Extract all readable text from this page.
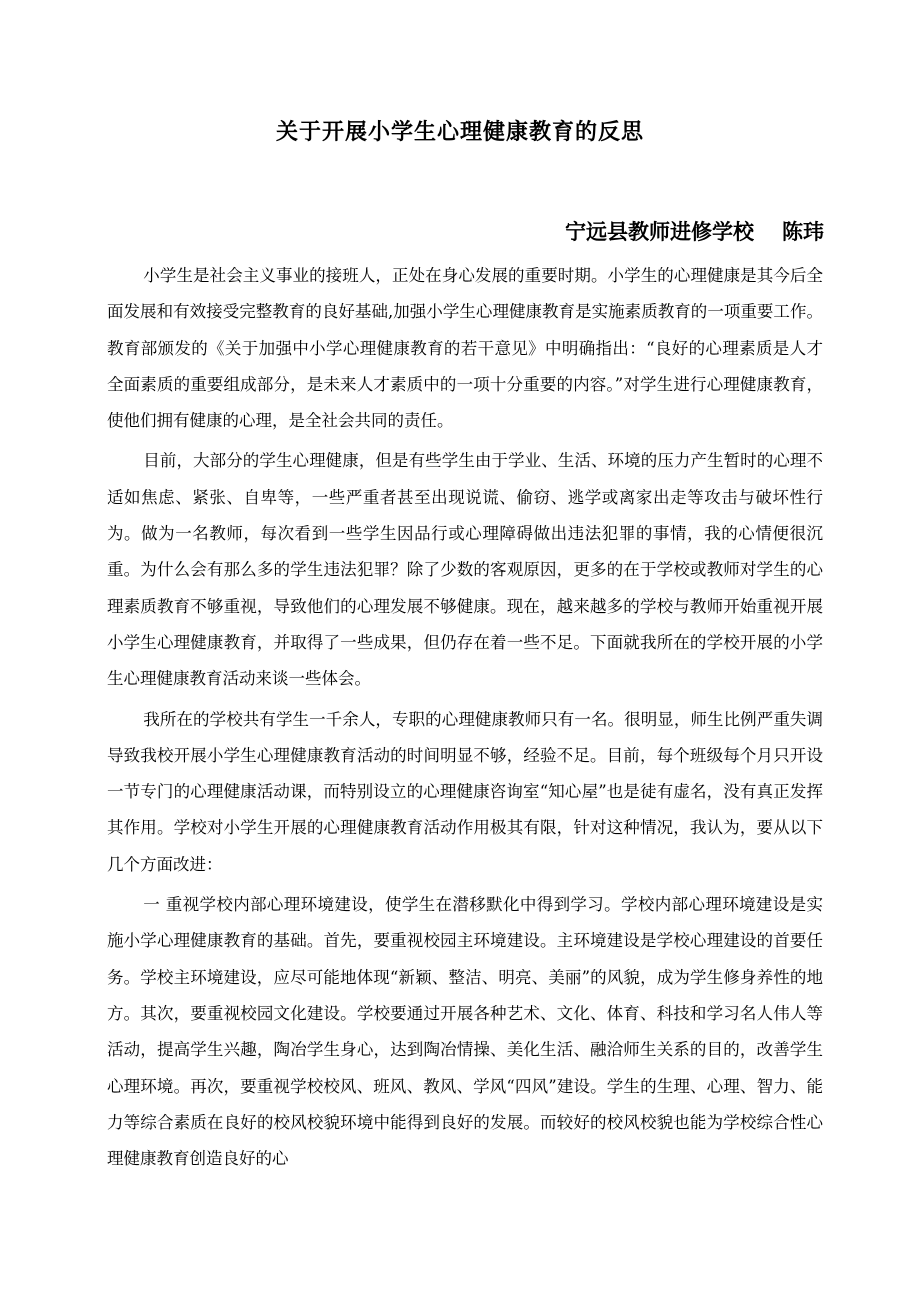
关于开展小学生心理健康教育的反思
宁远县教师进修学校 陈玮

小学生是社会主义事业的接班人，正处在身心发展的重要时期。小学生的心理健康是其今后全面发展和有效接受完整教育的良好基础,加强小学生心理健康教育是实施素质教育的一项重要工作。教育部颁发的《关于加强中小学心理健康教育的若干意见》中明确指出：“良好的心理素质是人才全面素质的重要组成部分，是未来人才素质中的一项十分重要的内容。”对学生进行心理健康教育，使他们拥有健康的心理，是全社会共同的责任。

目前，大部分的学生心理健康，但是有些学生由于学业、生活、环境的压力产生暂时的心理不适如焦虑、紧张、自卑等，一些严重者甚至出现说谎、偷窃、逃学或离家出走等攻击与破坏性行为。做为一名教师，每次看到一些学生因品行或心理障碍做出违法犯罪的事情，我的心情便很沉重。为什么会有那么多的学生违法犯罪？除了少数的客观原因，更多的在于学校或教师对学生的心理素质教育不够重视，导致他们的心理发展不够健康。现在，越来越多的学校与教师开始重视开展小学生心理健康教育，并取得了一些成果，但仍存在着一些不足。下面就我所在的学校开展的小学生心理健康教育活动来谈一些体会。

我所在的学校共有学生一千余人，专职的心理健康教师只有一名。很明显，师生比例严重失调导致我校开展小学生心理健康教育活动的时间明显不够，经验不足。目前，每个班级每个月只开设一节专门的心理健康活动课，而特别设立的心理健康咨询室“知心屋”也是徒有虚名，没有真正发挥其作用。学校对小学生开展的心理健康教育活动作用极其有限，针对这种情况，我认为，要从以下几个方面改进：

一 重视学校内部心理环境建设，使学生在潜移默化中得到学习。学校内部心理环境建设是实施小学心理健康教育的基础。首先，要重视校园主环境建设。主环境建设是学校心理建设的首要任务。学校主环境建设，应尽可能地体现“新颖、整洁、明亮、美丽”的风貌，成为学生修身养性的地方。其次，要重视校园文化建设。学校要通过开展各种艺术、文化、体育、科技和学习名人伟人等活动，提高学生兴趣，陶冶学生身心，达到陶冶情操、美化生活、融洽师生关系的目的，改善学生心理环境。再次，要重视学校校风、班风、教风、学风“四风”建设。学生的生理、心理、智力、能力等综合素质在良好的校风校貌环境中能得到良好的发展。而较好的校风校貌也能为学校综合性心理健康教育创造良好的心
